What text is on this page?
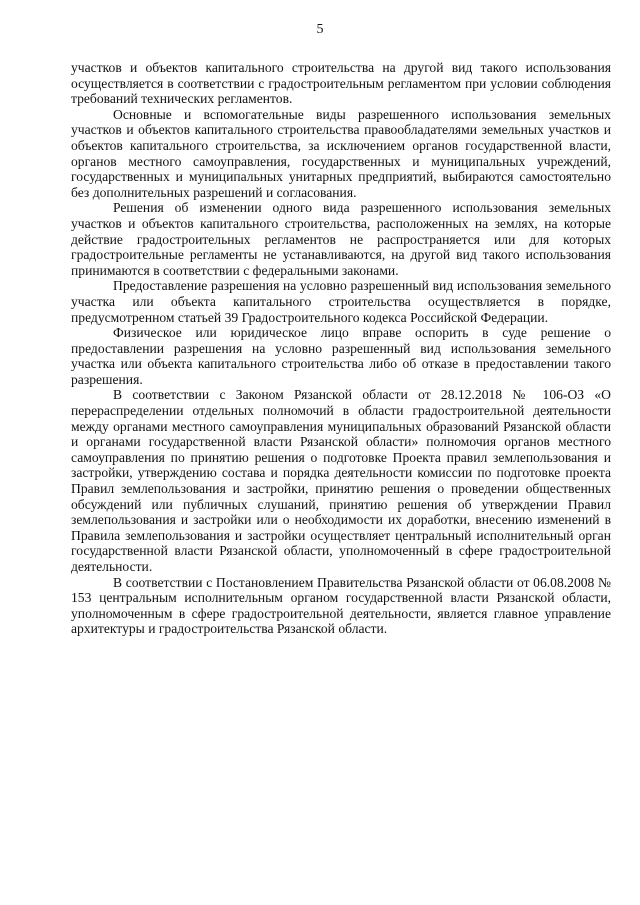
5

участков и объектов капитального строительства на другой вид такого использования осуществляется в соответствии с градостроительным регламентом при условии соблюдения требований технических регламентов.

Основные и вспомогательные виды разрешенного использования земельных участков и объектов капитального строительства правообладателями земельных участков и объектов капитального строительства, за исключением органов государственной власти, органов местного самоуправления, государственных и муниципальных учреждений, государственных и муниципальных унитарных предприятий, выбираются самостоятельно без дополнительных разрешений и согласования.

Решения об изменении одного вида разрешенного использования земельных участков и объектов капитального строительства, расположенных на землях, на которые действие градостроительных регламентов не распространяется или для которых градостроительные регламенты не устанавливаются, на другой вид такого использования принимаются в соответствии с федеральными законами.

Предоставление разрешения на условно разрешенный вид использования земельного участка или объекта капитального строительства осуществляется в порядке, предусмотренном статьей 39 Градостроительного кодекса Российской Федерации.

Физическое или юридическое лицо вправе оспорить в суде решение о предоставлении разрешения на условно разрешенный вид использования земельного участка или объекта капитального строительства либо об отказе в предоставлении такого разрешения.

В соответствии с Законом Рязанской области от 28.12.2018 № 106-ОЗ «О перераспределении отдельных полномочий в области градостроительной деятельности между органами местного самоуправления муниципальных образований Рязанской области и органами государственной власти Рязанской области» полномочия органов местного самоуправления по принятию решения о подготовке Проекта правил землепользования и застройки, утверждению состава и порядка деятельности комиссии по подготовке проекта Правил землепользования и застройки, принятию решения о проведении общественных обсуждений или публичных слушаний, принятию решения об утверждении Правил землепользования и застройки или о необходимости их доработки, внесению изменений в Правила землепользования и застройки осуществляет центральный исполнительный орган государственной власти Рязанской области, уполномоченный в сфере градостроительной деятельности.

В соответствии с Постановлением Правительства Рязанской области от 06.08.2008 № 153 центральным исполнительным органом государственной власти Рязанской области, уполномоченным в сфере градостроительной деятельности, является главное управление архитектуры и градостроительства Рязанской области.
